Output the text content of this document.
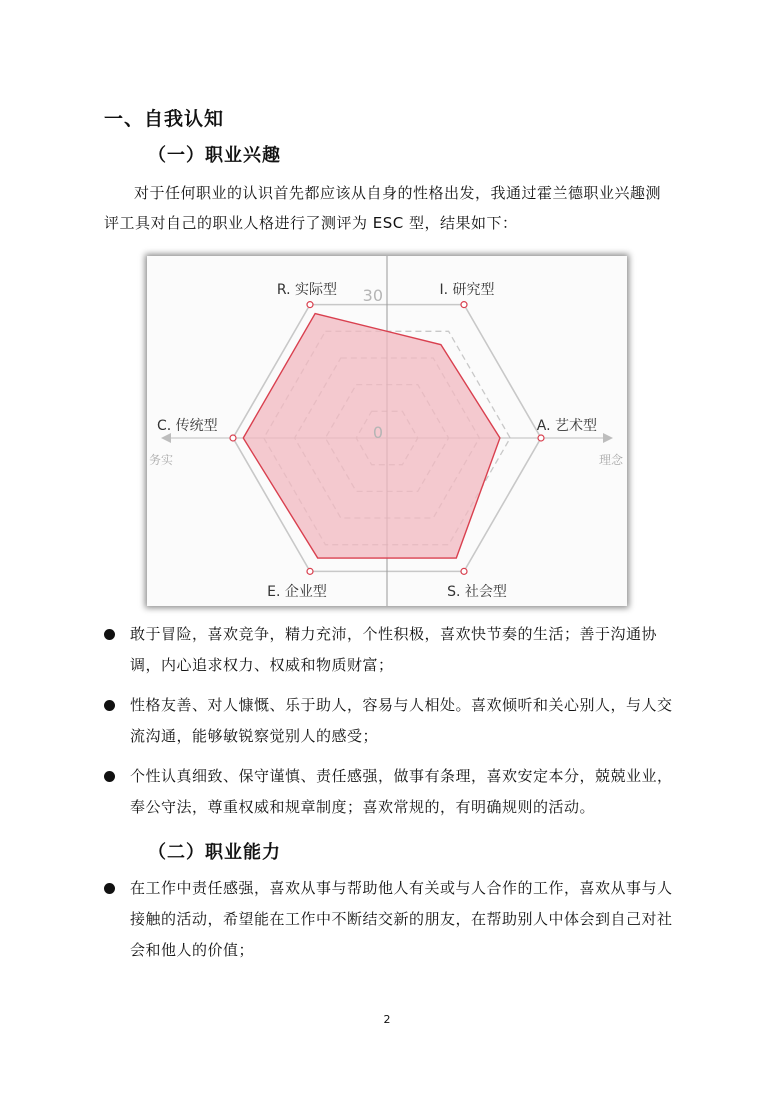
一、自我认知
（一）职业兴趣

对于任何职业的认识首先都应该从自身的性格出发，我通过霍兰德职业兴趣测评工具对自己的职业人格进行了测评为 ESC 型，结果如下：

R. 实际型	I. 研究型
A. 艺术型
S. 社会型
E. 企业型
C. 传统型
30
0
务实	理念
敢于冒险，喜欢竞争，精力充沛，个性积极，喜欢快节奏的生活；善于沟通协调，内心追求权力、权威和物质财富；
性格友善、对人慷慨、乐于助人，容易与人相处。喜欢倾听和关心别人，与人交流沟通，能够敏锐察觉别人的感受；
个性认真细致、保守谨慎、责任感强，做事有条理，喜欢安定本分，兢兢业业，奉公守法，尊重权威和规章制度；喜欢常规的，有明确规则的活动。
（二）职业能力
在工作中责任感强，喜欢从事与帮助他人有关或与人合作的工作，喜欢从事与人接触的活动，希望能在工作中不断结交新的朋友，在帮助别人中体会到自己对社会和他人的价值；
2
